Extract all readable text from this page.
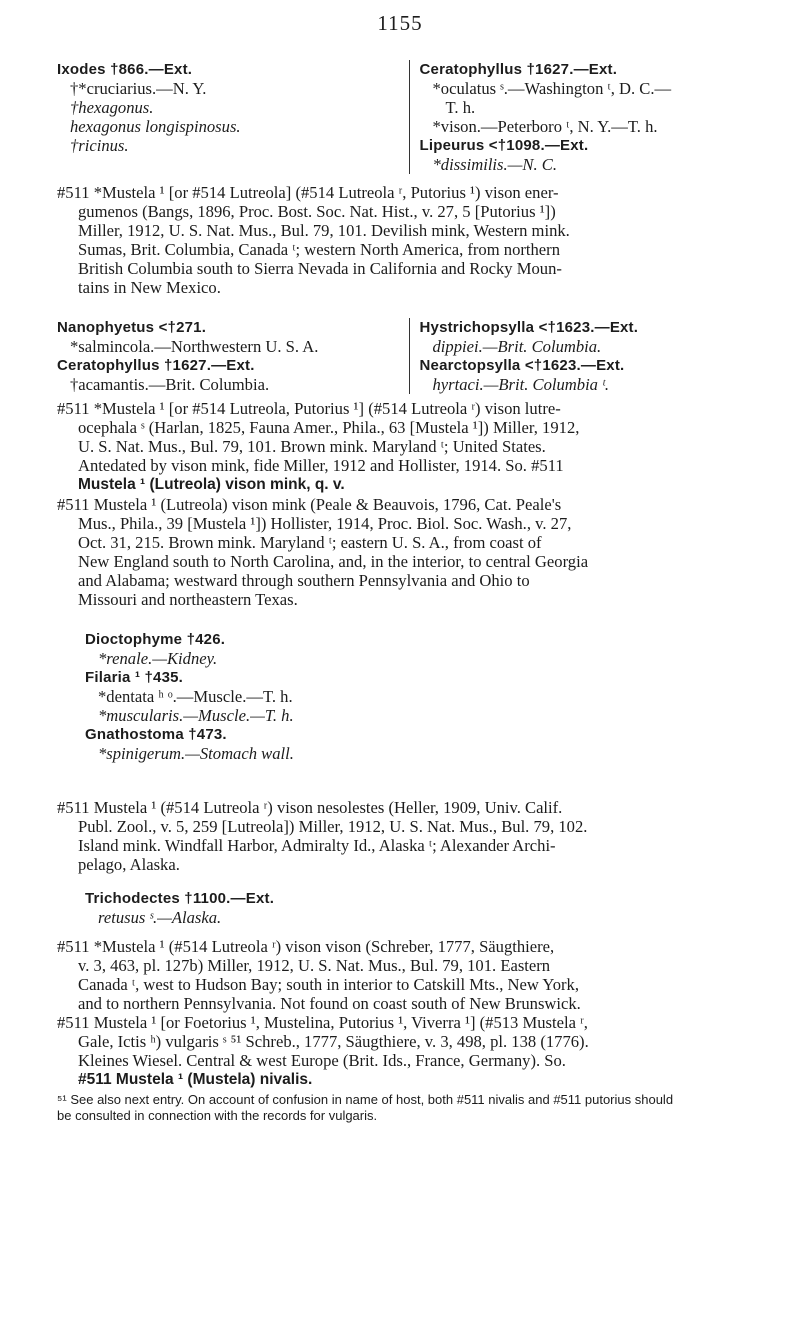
1155
Ixodes †866.—Ext.
†*cruciarius.—N. Y.
†hexagonus.
hexagonus longispinosus.
†ricinus.
Ceratophyllus †1627.—Ext.
*oculatus ˢ.—Washington ᵗ, D. C.—
T. h.
*vison.—Peterboro ᵗ, N. Y.—T. h.
Lipeurus <†1098.—Ext.
*dissimilis.—N. C.
#511 *Mustela ¹ [or #514 Lutreola] (#514 Lutreola ʳ, Putorius ¹) vison ener-
gumenos (Bangs, 1896, Proc. Bost. Soc. Nat. Hist., v. 27, 5 [Putorius ¹])
Miller, 1912, U. S. Nat. Mus., Bul. 79, 101. Devilish mink, Western mink.
Sumas, Brit. Columbia, Canada ᵗ; western North America, from northern
British Columbia south to Sierra Nevada in California and Rocky Moun-
tains in New Mexico.
Nanophyetus <†271.
*salmincola.—Northwestern U. S. A.
Ceratophyllus †1627.—Ext.
†acamantis.—Brit. Columbia.
Hystrichopsylla <†1623.—Ext.
dippiei.—Brit. Columbia.
Nearctopsylla <†1623.—Ext.
hyrtaci.—Brit. Columbia ᵗ.
#511 *Mustela ¹ [or #514 Lutreola, Putorius ¹] (#514 Lutreola ʳ) vison lutre-
ocephala ˢ (Harlan, 1825, Fauna Amer., Phila., 63 [Mustela ¹]) Miller, 1912,
U. S. Nat. Mus., Bul. 79, 101. Brown mink. Maryland ᵗ; United States.
Antedated by vison mink, fide Miller, 1912 and Hollister, 1914. So. #511
Mustela ¹ (Lutreola) vison mink, q. v.
#511 Mustela ¹ (Lutreola) vison mink (Peale & Beauvois, 1796, Cat. Peale's
Mus., Phila., 39 [Mustela ¹]) Hollister, 1914, Proc. Biol. Soc. Wash., v. 27,
Oct. 31, 215. Brown mink. Maryland ᵗ; eastern U. S. A., from coast of
New England south to North Carolina, and, in the interior, to central Georgia
and Alabama; westward through southern Pennsylvania and Ohio to
Missouri and northeastern Texas.
Dioctophyme †426.
*renale.—Kidney.
Filaria ¹ †435.
*dentata ʰ ᵒ.—Muscle.—T. h.
*muscularis.—Muscle.—T. h.
Gnathostoma †473.
*spinigerum.—Stomach wall.
#511 Mustela ¹ (#514 Lutreola ʳ) vison nesolestes (Heller, 1909, Univ. Calif.
Publ. Zool., v. 5, 259 [Lutreola]) Miller, 1912, U. S. Nat. Mus., Bul. 79, 102.
Island mink. Windfall Harbor, Admiralty Id., Alaska ᵗ; Alexander Archi-
pelago, Alaska.
Trichodectes †1100.—Ext.
retusus ˢ.—Alaska.
#511 *Mustela ¹ (#514 Lutreola ʳ) vison vison (Schreber, 1777, Säugthiere,
v. 3, 463, pl. 127b) Miller, 1912, U. S. Nat. Mus., Bul. 79, 101. Eastern
Canada ᵗ, west to Hudson Bay; south in interior to Catskill Mts., New York,
and to northern Pennsylvania. Not found on coast south of New Brunswick.
#511 Mustela ¹ [or Foetorius ¹, Mustelina, Putorius ¹, Viverra ¹] (#513 Mustela ʳ,
Gale, Ictis ʰ) vulgaris ˢ ⁵¹ Schreb., 1777, Säugthiere, v. 3, 498, pl. 138 (1776).
Kleines Wiesel. Central & west Europe (Brit. Ids., France, Germany). So.
#511 Mustela ¹ (Mustela) nivalis.
⁵¹ See also next entry. On account of confusion in name of host, both #511 nivalis and #511 putorius should
be consulted in connection with the records for vulgaris.
